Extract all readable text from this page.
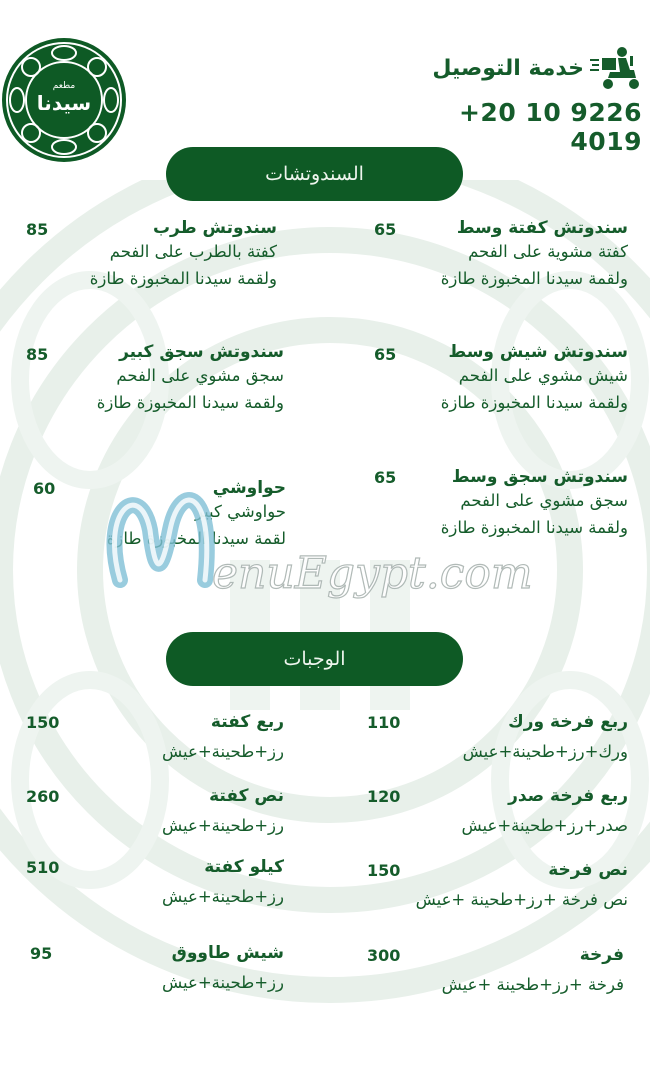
مطعم
سيدنا
خدمة التوصيل
+20 10 9226 4019
السندوتشات
سندوتش كفتة وسط
كفتة مشوية على الفحم
ولقمة سيدنا المخبوزة طازة
65
سندوتش شيش وسط
شيش مشوي على الفحم
ولقمة سيدنا المخبوزة طازة
65
سندوتش سجق وسط
سجق مشوي على الفحم
ولقمة سيدنا المخبوزة طازة
65
سندوتش طرب
كفتة بالطرب على الفحم
ولقمة سيدنا المخبوزة طازة
85
سندوتش سجق كبير
سجق مشوي على الفحم
ولقمة سيدنا المخبوزة طازة
85
حواوشي
حواوشي كبير
لقمة سيدنا المخبوزة طازة
60
الوجبات
ربع فرخة ورك
ورك+رز+طحينة+عيش
110
ربع فرخة صدر
صدر+رز+طحينة+عيش
120
نص فرخة
نص فرخة +رز+طحينة +عيش
150
فرخة
فرخة +رز+طحينة +عيش
300
ربع كفتة
رز+طحينة+عيش
150
نص كفتة
رز+طحينة+عيش
260
كيلو كفتة
رز+طحينة+عيش
510
شيش طاووق
رز+طحينة+عيش
95
enuEgypt.com
